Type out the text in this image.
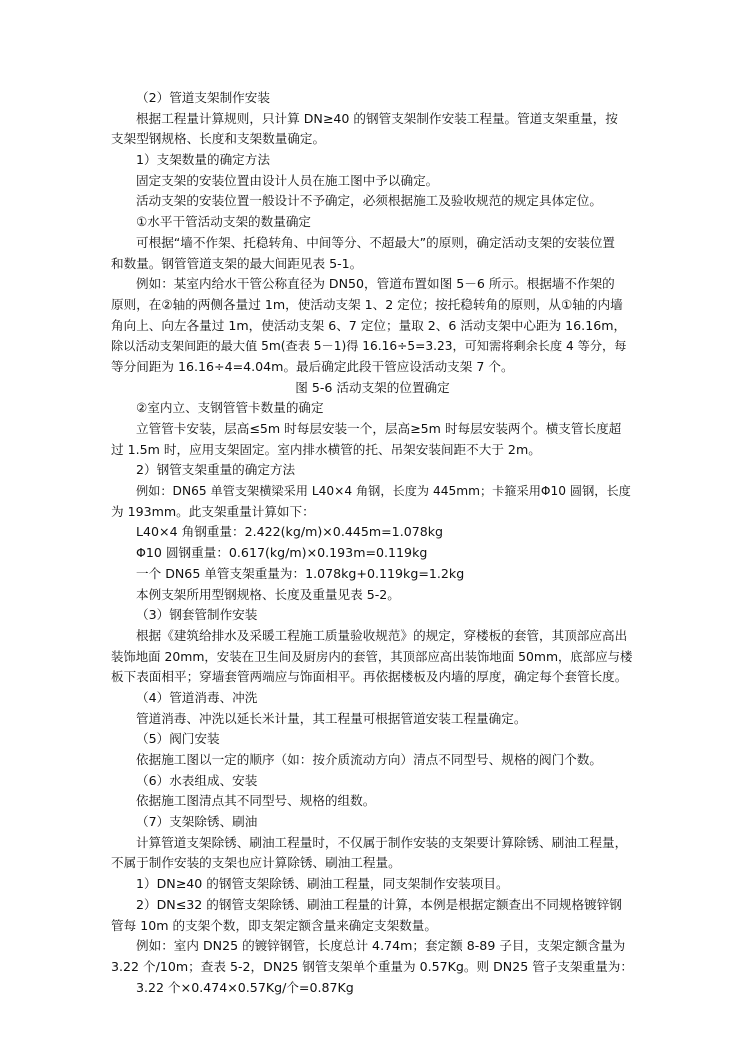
（2）管道支架制作安装
根据工程量计算规则，只计算 DN≥40 的钢管支架制作安装工程量。管道支架重量，按
支架型钢规格、长度和支架数量确定。
1）支架数量的确定方法
固定支架的安装位置由设计人员在施工图中予以确定。
活动支架的安装位置一般设计不予确定，必须根据施工及验收规范的规定具体定位。
①水平干管活动支架的数量确定
可根据“墙不作架、托稳转角、中间等分、不超最大”的原则，确定活动支架的安装位置
和数量。钢管管道支架的最大间距见表 5-1。
例如：某室内给水干管公称直径为 DN50，管道布置如图 5－6 所示。根据墙不作架的
原则，在②轴的两侧各量过 1m，使活动支架 1、2 定位；按托稳转角的原则，从①轴的内墙
角向上、向左各量过 1m，使活动支架 6、7 定位；量取 2、6 活动支架中心距为 16.16m，
除以活动支架间距的最大值 5m(查表 5－1)得 16.16÷5=3.23，可知需将剩余长度 4 等分，每
等分间距为 16.16÷4=4.04m。最后确定此段干管应设活动支架 7 个。
图 5-6 活动支架的位置确定
②室内立、支钢管管卡数量的确定
立管管卡安装，层高≤5m 时每层安装一个，层高≥5m 时每层安装两个。横支管长度超
过 1.5m 时，应用支架固定。室内排水横管的托、吊架安装间距不大于 2m。
2）钢管支架重量的确定方法
例如：DN65 单管支架横梁采用 L40×4 角钢，长度为 445mm；卡箍采用Φ10 圆钢，长度
为 193mm。此支架重量计算如下：
L40×4 角钢重量：2.422(kg/m)×0.445m=1.078kg
Φ10 圆钢重量：0.617(kg/m)×0.193m=0.119kg
一个 DN65 单管支架重量为：1.078kg+0.119kg=1.2kg
本例支架所用型钢规格、长度及重量见表 5-2。
（3）钢套管制作安装
根据《建筑给排水及采暖工程施工质量验收规范》的规定，穿楼板的套管，其顶部应高出
装饰地面 20mm，安装在卫生间及厨房内的套管，其顶部应高出装饰地面 50mm，底部应与楼
板下表面相平；穿墙套管两端应与饰面相平。再依据楼板及内墙的厚度，确定每个套管长度。
（4）管道消毒、冲洗
管道消毒、冲洗以延长米计量，其工程量可根据管道安装工程量确定。
（5）阀门安装
依据施工图以一定的顺序（如：按介质流动方向）清点不同型号、规格的阀门个数。
（6）水表组成、安装
依据施工图清点其不同型号、规格的组数。
（7）支架除锈、刷油
计算管道支架除锈、刷油工程量时，不仅属于制作安装的支架要计算除锈、刷油工程量，
不属于制作安装的支架也应计算除锈、刷油工程量。
1）DN≥40 的钢管支架除锈、刷油工程量，同支架制作安装项目。
2）DN≤32 的钢管支架除锈、刷油工程量的计算，本例是根据定额查出不同规格镀锌钢
管每 10m 的支架个数，即支架定额含量来确定支架数量。
例如：室内 DN25 的镀锌钢管，长度总计 4.74m；套定额 8-89 子目，支架定额含量为
3.22 个/10m；查表 5-2，DN25 钢管支架单个重量为 0.57Kg。则 DN25 管子支架重量为：
3.22 个×0.474×0.57Kg/个=0.87Kg
